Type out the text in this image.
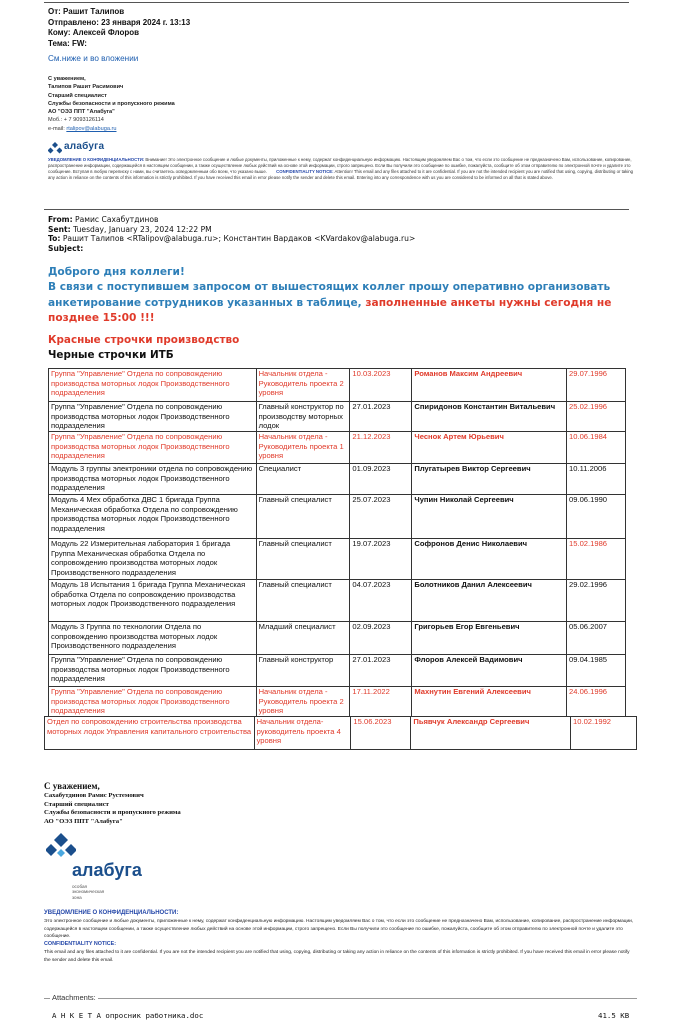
От: Рашит Талипов
Отправлено: 23 января 2024 г. 13:13
Кому: Алексей Флоров
Тема: FW:
См.ниже и во вложении
С уважением,
Талипов Рашит Расимович
Старший специалист
Службы безопасности и пропускного режима
АО "ОЭЗ ППТ "Алабуга"
Моб.: + 7 9093126114
e-mail: rtalipov@alabuga.ru
алабуга
УВЕДОМЛЕНИЕ О КОНФИДЕНЦИАЛЬНОСТИ: Внимание! Это электронное сообщение и любые документы, приложенные к нему, содержат конфиденциальную информацию. Настоящим уведомляем Вас о том, что если это сообщение не предназначено Вам, использование, копирование, распространение информации, содержащейся в настоящем сообщении, а также осуществление любых действий на основе этой информации, строго запрещено. Если Вы получили это сообщение по ошибке, пожалуйста, сообщите об этом отправителю по электронной почте и удалите это сообщение. Вступая в любую переписку с нами, вы считаетесь осведомленным обо всем, что указано выше. CONFIDENTIALITY NOTICE: Attention! This email and any files attached to it are confidential. If you are not the intended recipient you are notified that using, copying, distributing or taking any action in reliance on the contents of this information is strictly prohibited. If you have received this email in error please notify the sender and delete this email. Entering into any correspondence with us you are considered to be informed on all that is stated above.
From: Рамис Сахабутдинов
Sent: Tuesday, January 23, 2024 12:22 PM
To: Рашит Талипов <RTalipov@alabuga.ru>; Константин Вардаков <KVardakov@alabuga.ru>
Subject:
Доброго дня коллеги!
В связи с поступившем запросом от вышестоящих коллег прошу оперативно организовать анкетирование сотрудников указанных в таблице, заполненные анкеты нужны сегодня не позднее 15:00 !!!
Красные строчки производство
Черные строчки ИТБ
Группа "Управление" Отдела по сопровождению производства моторных лодок Производственного подразделения	Начальник отдела - Руководитель проекта 2 уровня	10.03.2023	Романов Максим Андреевич	29.07.1996
Группа "Управление" Отдела по сопровождению производства моторных лодок Производственного подразделения	Главный конструктор по производству моторных лодок	27.01.2023	Спиридонов Константин Витальевич	25.02.1996
Группа "Управление" Отдела по сопровождению производства моторных лодок Производственного подразделения	Начальник отдела - Руководитель проекта 1 уровня	21.12.2023	Чеснок Артем Юрьевич	10.06.1984
Модуль 3 группы электроники отдела по сопровождению производства моторных лодок Производственного подразделения	Специалист	01.09.2023	Плугатырев Виктор Сергеевич	10.11.2006
Модуль 4 Мех обработка ДВС 1 бригада Группа Механическая обработка Отдела по сопровождению производства моторных лодок Производственного подразделения	Главный специалист	25.07.2023	Чупин Николай Сергеевич	09.06.1990
Модуль 22 Измерительная лаборатория 1 бригада Группа Механическая обработка Отдела по сопровождению производства моторных лодок Производственного подразделения	Главный специалист	19.07.2023	Софронов Денис Николаевич	15.02.1986
Модуль 18 Испытания 1 бригада Группа Механическая обработка Отдела по сопровождению производства моторных лодок Производственного подразделения	Главный специалист	04.07.2023	Болотников Данил Алексеевич	29.02.1996
Модуль 3 Группа по технологии Отдела по сопровождению производства моторных лодок Производственного подразделения	Младший специалист	02.09.2023	Григорьев Егор Евгеньевич	05.06.2007
Группа "Управление" Отдела по сопровождению производства моторных лодок Производственного подразделения	Главный конструктор	27.01.2023	Флоров Алексей Вадимович	09.04.1985
Группа "Управление" Отдела по сопровождению производства моторных лодок Производственного подразделения	Начальник отдела - Руководитель проекта 2 уровня	17.11.2022	Махнутин Евгений Алексеевич	24.06.1996
Отдел по сопровождению строительства производства моторных лодок Управления капитального строительства	Начальник отдела-руководитель проекта 4 уровня	15.06.2023	Пьявчук Александр Сергеевич	10.02.1992
С уважением,
Сахабутдинов Рамис Рустемович
Старший специалист
Службы безопасности и пропускного режима
АО "ОЭЗ ППТ "Алабуга"
алабуга
особая
экономическая
зона
УВЕДОМЛЕНИЕ О КОНФИДЕНЦИАЛЬНОСТИ:
Это электронное сообщение и любые документы, приложенные к нему, содержат конфиденциальную информацию. Настоящим уведомляем Вас о том, что если это сообщение не предназначено Вам, использование, копирование, распространение информации, содержащейся в настоящем сообщении, а также осуществление любых действий на основе этой информации, строго запрещено. Если Вы получили это сообщение по ошибке, пожалуйста, сообщите об этом отправителю по электронной почте и удалите это сообщение.
CONFIDENTIALITY NOTICE:
This email and any files attached to it are confidential. If you are not the intended recipient you are notified that using, copying, distributing or taking any action in reliance on the contents of this information is strictly prohibited. If you have received this email in error please notify the sender and delete this email.
Attachments:
А Н К Е Т А опросник работника.doc	41.5 КВ
